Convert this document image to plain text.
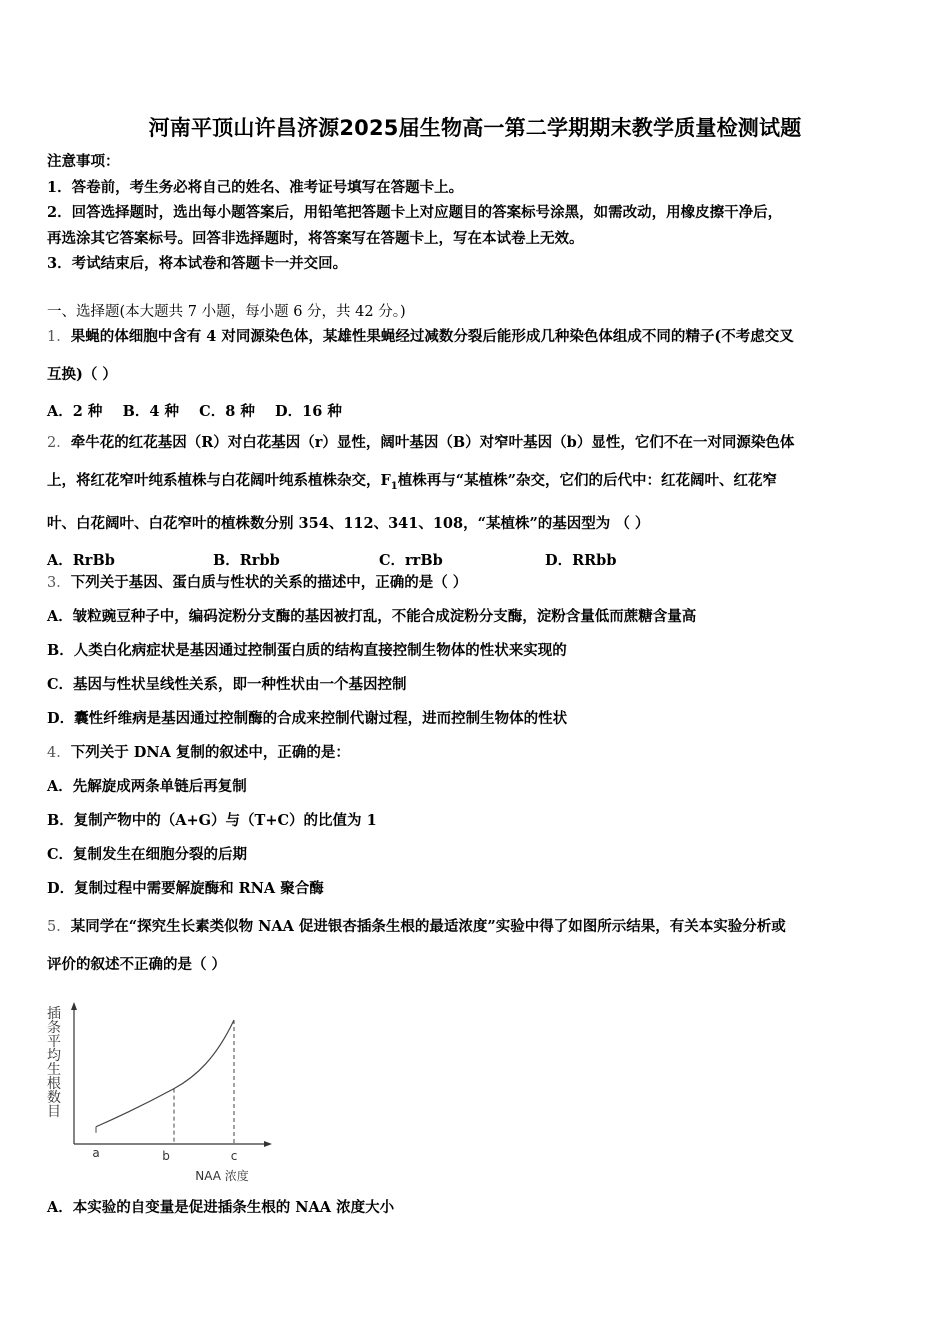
河南平顶山许昌济源2025届生物高一第二学期期末教学质量检测试题
注意事项：
1．答卷前，考生务必将自己的姓名、准考证号填写在答题卡上。
2．回答选择题时，选出每小题答案后，用铅笔把答题卡上对应题目的答案标号涂黑，如需改动，用橡皮擦干净后，
再选涂其它答案标号。回答非选择题时，将答案写在答题卡上，写在本试卷上无效。
3．考试结束后，将本试卷和答题卡一并交回。
一、选择题(本大题共 7 小题，每小题 6 分，共 42 分。)
1．果蝇的体细胞中含有 4 对同源染色体，某雄性果蝇经过减数分裂后能形成几种染色体组成不同的精子(不考虑交叉
互换)（ ）
A．2 种    B．4 种    C．8 种    D．16 种
2．牵牛花的红花基因（R）对白花基因（r）显性，阔叶基因（B）对窄叶基因（b）显性，它们不在一对同源染色体
上，将红花窄叶纯系植株与白花阔叶纯系植株杂交，$F_1$植株再与“某植株”杂交，它们的后代中：红花阔叶、红花窄
叶、白花阔叶、白花窄叶的植株数分别 354、112、341、108，“某植株”的基因型为 （ ）
A．RrBb	B．Rrbb	C．rrBb	D．RRbb
3．下列关于基因、蛋白质与性状的关系的描述中，正确的是（ ）
A．皱粒豌豆种子中，编码淀粉分支酶的基因被打乱，不能合成淀粉分支酶，淀粉含量低而蔗糖含量高
B．人类白化病症状是基因通过控制蛋白质的结构直接控制生物体的性状来实现的
C．基因与性状呈线性关系，即一种性状由一个基因控制
D．囊性纤维病是基因通过控制酶的合成来控制代谢过程，进而控制生物体的性状
4．下列关于 DNA 复制的叙述中，正确的是：
A．先解旋成两条单链后再复制
B．复制产物中的（A+G）与（T+C）的比值为 1
C．复制发生在细胞分裂的后期
D．复制过程中需要解旋酶和 RNA 聚合酶
5．某同学在“探究生长素类似物 NAA 促进银杏插条生根的最适浓度”实验中得了如图所示结果，有关本实验分析或
评价的叙述不正确的是（ ）
插
条
平
均
生
根
数
目
a	b	c
NAA 浓度
A．本实验的自变量是促进插条生根的 NAA 浓度大小
